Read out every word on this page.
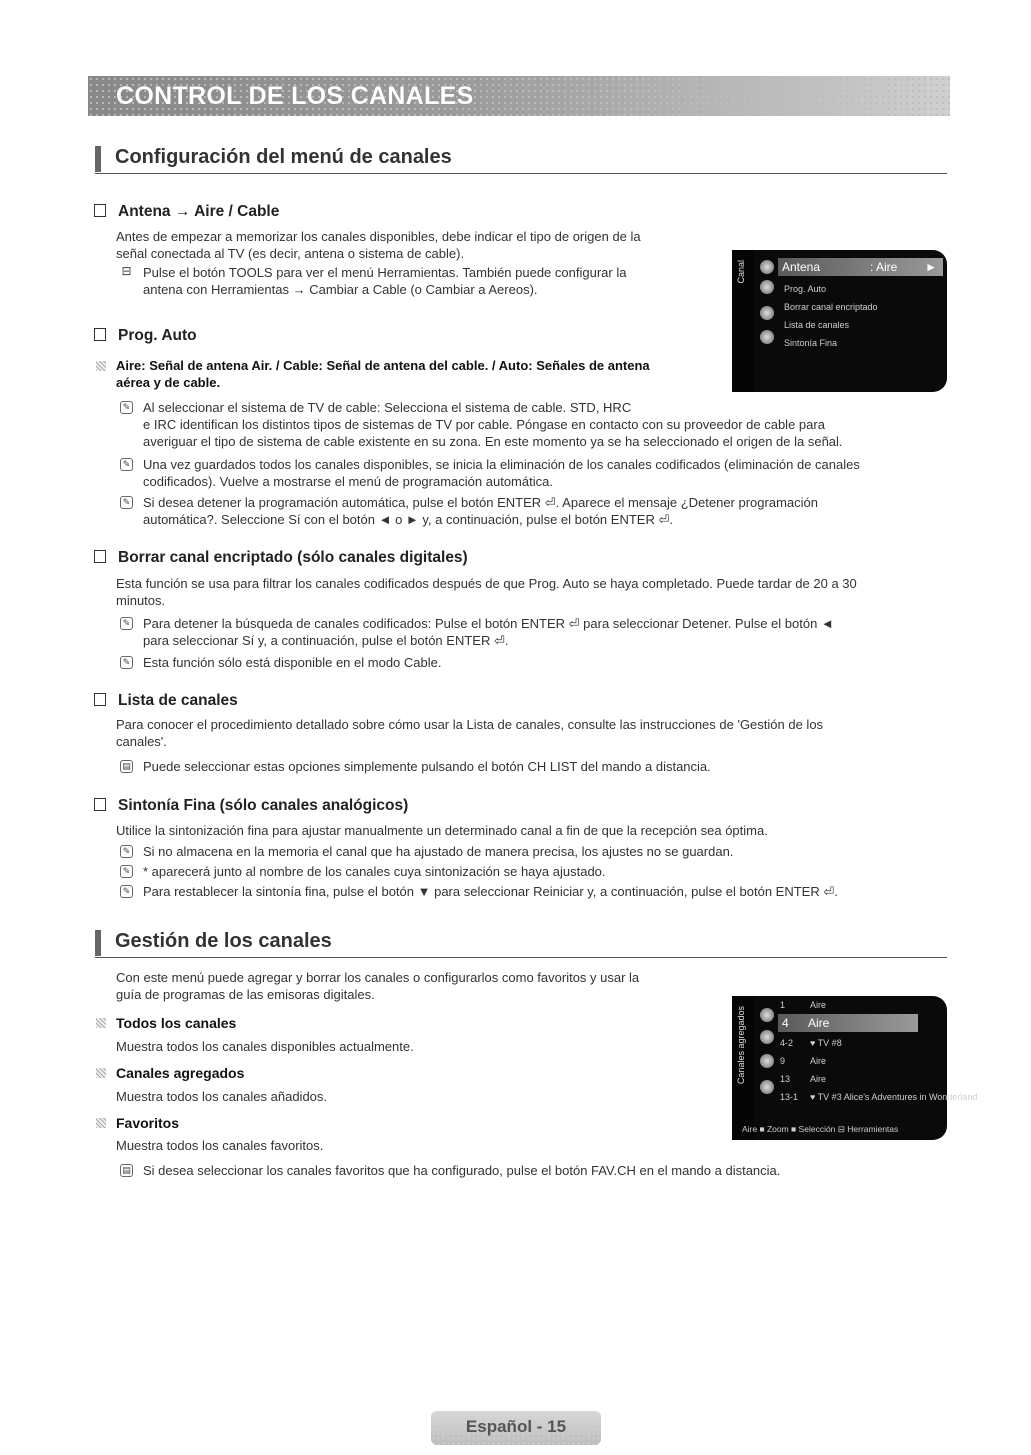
CONTROL DE LOS CANALES
Configuración del menú de canales
Antena → Aire / Cable
Antes de empezar a memorizar los canales disponibles, debe indicar el tipo de origen de la
señal conectada al TV (es decir, antena o sistema de cable).
⊟ Pulse el botón TOOLS para ver el menú Herramientas. También puede configurar la
antena con Herramientas → Cambiar a Cable (o Cambiar a Aereos).
Canal	Antena	: Aire ►
Prog. Auto
Borrar canal encriptado
Lista de canales
Sintonía Fina
Prog. Auto
Aire: Señal de antena Air. / Cable: Señal de antena del cable. / Auto: Señales de antena
aérea y de cable.
✎ Al seleccionar el sistema de TV de cable: Selecciona el sistema de cable. STD, HRC
e IRC identifican los distintos tipos de sistemas de TV por cable. Póngase en contacto con su proveedor de cable para
averiguar el tipo de sistema de cable existente en su zona. En este momento ya se ha seleccionado el origen de la señal.
✎ Una vez guardados todos los canales disponibles, se inicia la eliminación de los canales codificados (eliminación de canales
codificados). Vuelve a mostrarse el menú de programación automática.
✎ Si desea detener la programación automática, pulse el botón ENTER ⏎. Aparece el mensaje ¿Detener programación
automática?. Seleccione Sí con el botón ◄ o ► y, a continuación, pulse el botón ENTER ⏎.
Borrar canal encriptado (sólo canales digitales)
Esta función se usa para filtrar los canales codificados después de que Prog. Auto se haya completado. Puede tardar de 20 a 30
minutos.
✎ Para detener la búsqueda de canales codificados: Pulse el botón ENTER ⏎ para seleccionar Detener. Pulse el botón ◄
para seleccionar Sí y, a continuación, pulse el botón ENTER ⏎.
✎ Esta función sólo está disponible en el modo Cable.
Lista de canales
Para conocer el procedimiento detallado sobre cómo usar la Lista de canales, consulte las instrucciones de 'Gestión de los
canales'.
▤ Puede seleccionar estas opciones simplemente pulsando el botón CH LIST del mando a distancia.
Sintonía Fina (sólo canales analógicos)
Utilice la sintonización fina para ajustar manualmente un determinado canal a fin de que la recepción sea óptima.
✎ Si no almacena en la memoria el canal que ha ajustado de manera precisa, los ajustes no se guardan.
✎ * aparecerá junto al nombre de los canales cuya sintonización se haya ajustado.
✎ Para restablecer la sintonía fina, pulse el botón ▼ para seleccionar Reiniciar y, a continuación, pulse el botón ENTER ⏎.
Gestión de los canales
Con este menú puede agregar y borrar los canales o configurarlos como favoritos y usar la
guía de programas de las emisoras digitales.
Todos los canales
Muestra todos los canales disponibles actualmente.
Canales agregados
Muestra todos los canales añadidos.
Favoritos
Muestra todos los canales favoritos.
▤ Si desea seleccionar los canales favoritos que ha configurado, pulse el botón FAV.CH en el mando a distancia.
Canales agregados
1	Aire
4 Aire
4-2 ♥ TV #8
9	Aire
13 Aire
13-1 ♥ TV #3 Alice's Adventures in Wonderland
Aire ■ Zoom ■ Selección ⊟ Herramientas
Español - 15
